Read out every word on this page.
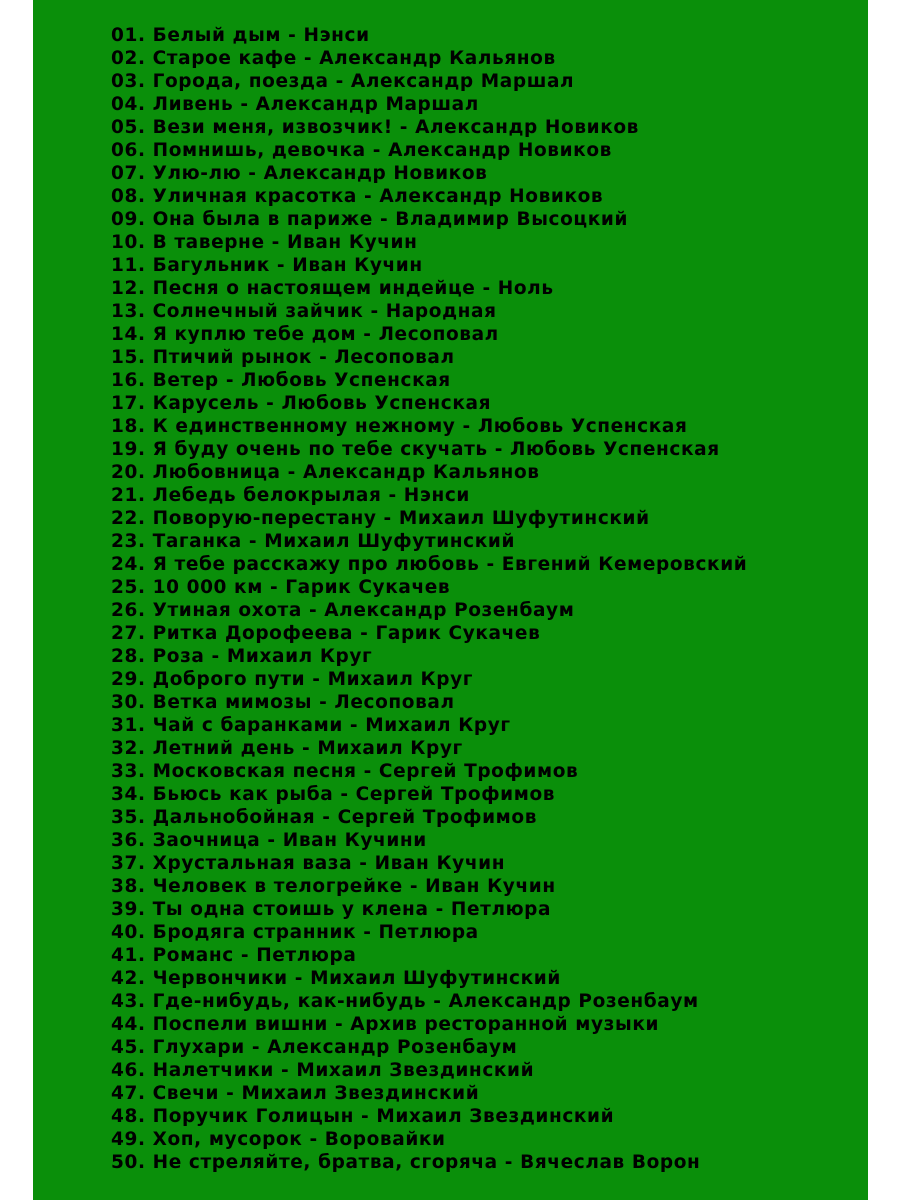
01. Белый дым - Нэнси
02. Старое кафе - Александр Кальянов
03. Города, поезда - Александр Маршал
04. Ливень - Александр Маршал
05. Вези меня, извозчик! - Александр Новиков
06. Помнишь, девочка - Александр Новиков
07. Улю-лю - Александр Новиков
08. Уличная красотка - Александр Новиков
09. Она была в париже - Владимир Высоцкий
10. В таверне - Иван Кучин
11. Багульник - Иван Кучин
12. Песня о настоящем индейце - Ноль
13. Солнечный зайчик - Народная
14. Я куплю тебе дом - Лесоповал
15. Птичий рынок - Лесоповал
16. Ветер - Любовь Успенская
17. Карусель - Любовь Успенская
18. К единственному нежному - Любовь Успенская
19. Я буду очень по тебе скучать - Любовь Успенская
20. Любовница - Александр Кальянов
21. Лебедь белокрылая - Нэнси
22. Поворую-перестану - Михаил Шуфутинский
23. Таганка - Михаил Шуфутинский
24. Я тебе расскажу про любовь - Евгений Кемеровский
25. 10 000 км - Гарик Сукачев
26. Утиная охота - Александр Розенбаум
27. Ритка Дорофеева - Гарик Сукачев
28. Роза - Михаил Круг
29. Доброго пути - Михаил Круг
30. Ветка мимозы - Лесоповал
31. Чай с баранками - Михаил Круг
32. Летний день - Михаил Круг
33. Московская песня - Сергей Трофимов
34. Бьюсь как рыба - Сергей Трофимов
35. Дальнобойная - Сергей Трофимов
36. Заочница - Иван Кучини
37. Хрустальная ваза - Иван Кучин
38. Человек в телогрейке - Иван Кучин
39. Ты одна стоишь у клена - Петлюра
40. Бродяга странник - Петлюра
41. Романс - Петлюра
42. Червончики - Михаил Шуфутинский
43. Где-нибудь, как-нибудь - Александр Розенбаум
44. Поспели вишни - Архив ресторанной музыки
45. Глухари - Александр Розенбаум
46. Налетчики - Михаил Звездинский
47. Свечи - Михаил Звездинский
48. Поручик Голицын - Михаил Звездинский
49. Хоп, мусорок - Воровайки
50. Не стреляйте, братва, сгоряча - Вячеслав Ворон
